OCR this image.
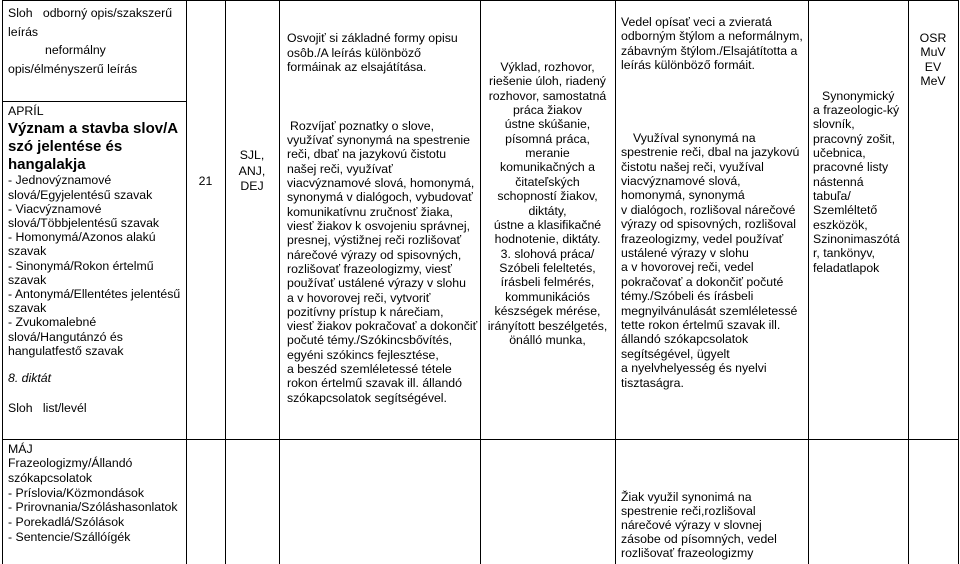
Sloh   odborný opis/szakszerű
leírás
neformálny
opis/élményszerű leírás
APRÍL
Význam a stavba slov/A
szó jelentése és
hangalakja
- Jednovýznamové
slová/Egyjelentésű szavak
- Viacvýznamové
slová/Többjelentésű szavak
- Homonymá/Azonos alakú
szavak
- Sinonymá/Rokon értelmű
szavak
- Antonymá/Ellentétes jelentésű
szavak
- Zvukomalebné
slová/Hangutánzó és
hangulatfestő szavak
8. diktát
Sloh   list/levél
21
SJL,
ANJ,
DEJ
Osvojiť si základné formy opisu
osôb./A leírás különböző
formáinak az elsajátítása.
Rozvíjať poznatky o slove,
využívať synonymá na spestrenie
reči, dbať na jazykovú čistotu
našej reči, využívať
viacvýznamové slová, homonymá,
synonymá v dialógoch, vybudovať
komunikatívnu zručnosť žiaka,
viesť žiakov k osvojeniu správnej,
presnej, výstižnej reči rozlišovať
nárečové výrazy od spisovných,
rozlišovať frazeologizmy, viesť
používať ustálené výrazy v slohu
a v hovorovej reči, vytvoriť
pozitívny prístup k nárečiam,
viesť žiakov pokračovať a dokončiť
počuté témy./Szókincsbővítés,
egyéni szókincs fejlesztése,
a beszéd szemléletessé tétele
rokon értelmű szavak ill. állandó
szókapcsolatok segítségével.
Výklad, rozhovor,
riešenie úloh, riadený
rozhovor, samostatná
práca žiakov
ústne skúšanie,
písomná práca,
meranie
komunikačných a
čitateľských
schopností žiakov,
diktáty,
ústne a klasifikačné
hodnotenie, diktáty.
3. slohová práca/
Szóbeli feleltetés,
írásbeli felmérés,
kommunikációs
készségek mérése,
irányított beszélgetés,
önálló munka,
Vedel opísať veci a zvieratá
odborným štýlom a neformálnym,
zábavným štýlom./Elsajátította a
leírás különböző formáit.
Využíval synonymá na
spestrenie reči, dbal na jazykovú
čistotu našej reči, využíval
viacvýznamové slová,
homonymá, synonymá
v dialógoch, rozlišoval nárečové
výrazy od spisovných, rozlišoval
frazeologizmy, vedel používať
ustálené výrazy v slohu
a v hovorovej reči, vedel
pokračovať a dokončiť počuté
témy./Szóbeli és írásbeli
megnyilvánulását szemléletessé
tette rokon értelmű szavak ill.
állandó szókapcsolatok
segítségével, ügyelt
a nyelvhelyesség és nyelvi
tisztaságra.
Synonymický
a frazeologic-ký
slovník,
pracovný zošit,
učebnica,
pracovné listy
nástenná
tabuľa/
Szemléltető
eszközök,
Szinonimaszótá
r, tankönyv,
feladatlapok
OSR
MuV
EV
MeV
MÁJ
Frazeologizmy/Állandó
szókapcsolatok
- Príslovia/Közmondások
- Prirovnania/Szóláshasonlatok
- Porekadlá/Szólások
- Sentencie/Szállóígék
Žiak využil synonimá na
spestrenie reči,rozlišoval
nárečové výrazy v slovnej
zásobe od písomných, vedel
rozlišovať frazeologizmy
